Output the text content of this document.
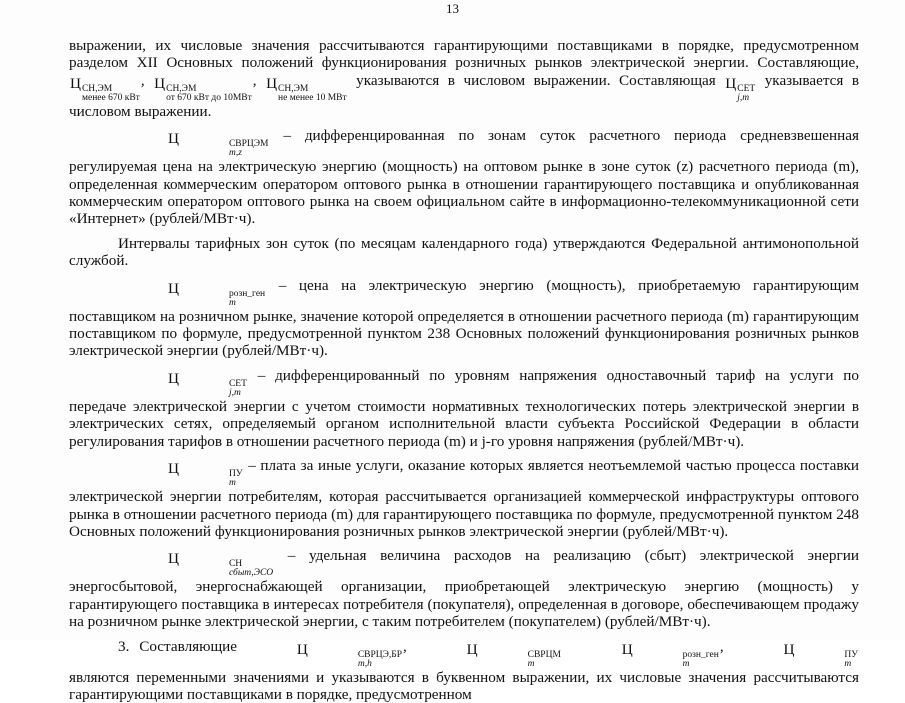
13

выражении, их числовые значения рассчитываются гарантирующими поставщиками в порядке, предусмотренном разделом XII Основных положений функционирования розничных рынков электрической энергии. Составляющие, Ц СН,ЭМ
менее 670 кВт
, Ц СН,ЭМ
от 670 кВт до 10МВт
, Ц СН,ЭМ
не менее 10 МВт
указываются в числовом выражении. Составляющая Ц СЕТ
j,m
указывается в числовом выражении.

Ц	СВРЦЭМ
m,z
– дифференцированная по зонам суток расчетного периода средневзвешенная регулируемая цена на электрическую энергию (мощность) на оптовом рынке в зоне суток (z) расчетного периода (m), определенная коммерческим оператором оптового рынка в отношении гарантирующего поставщика и опубликованная коммерческим оператором оптового рынка на своем официальном сайте в информационно-телекоммуникационной сети «Интернет» (рублей/МВт·ч).

Интервалы тарифных зон суток (по месяцам календарного года) утверждаются Федеральной антимонопольной службой.

Ц	розн_ген
m
– цена на электрическую энергию (мощность), приобретаемую гарантирующим поставщиком на розничном рынке, значение которой определяется в отношении расчетного периода (m) гарантирующим поставщиком по формуле, предусмотренной пунктом 238 Основных положений функционирования розничных рынков электрической энергии (рублей/МВт·ч).

Ц	СЕТ
j,m
– дифференцированный по уровням напряжения одноставочный тариф на услуги по передаче электрической энергии с учетом стоимости нормативных технологических потерь электрической энергии в электрических сетях, определяемый органом исполнительной власти субъекта Российской Федерации в области регулирования тарифов в отношении расчетного периода (m) и j-го уровня напряжения (рублей/МВт·ч).

Ц	ПУ
m
– плата за иные услуги, оказание которых является неотъемлемой частью процесса поставки электрической энергии потребителям, которая рассчитывается организацией коммерческой инфраструктуры оптового рынка в отношении расчетного периода (m) для гарантирующего поставщика по формуле, предусмотренной пунктом 248 Основных положений функционирования розничных рынков электрической энергии (рублей/МВт·ч).

Ц	СН
сбыт,ЭСО
– удельная величина расходов на реализацию (сбыт) электрической энергии энергосбытовой, энергоснабжающей организации, приобретающей электрическую энергию (мощность) у гарантирующего поставщика в интересах потребителя (покупателя), определенная в договоре, обеспечивающем продажу на розничном рынке электрической энергии, с таким потребителем (покупателем) (рублей/МВт·ч).

3. Составляющие	Ц	СВРЦЭ,БР
m,h
,	Ц	СВРЦМ
m
Ц	розн_ген
m
,	Ц	ПУ
m
являются переменными значениями и указываются в буквенном выражении, их числовые значения рассчитываются гарантирующими поставщиками в порядке, предусмотренном
